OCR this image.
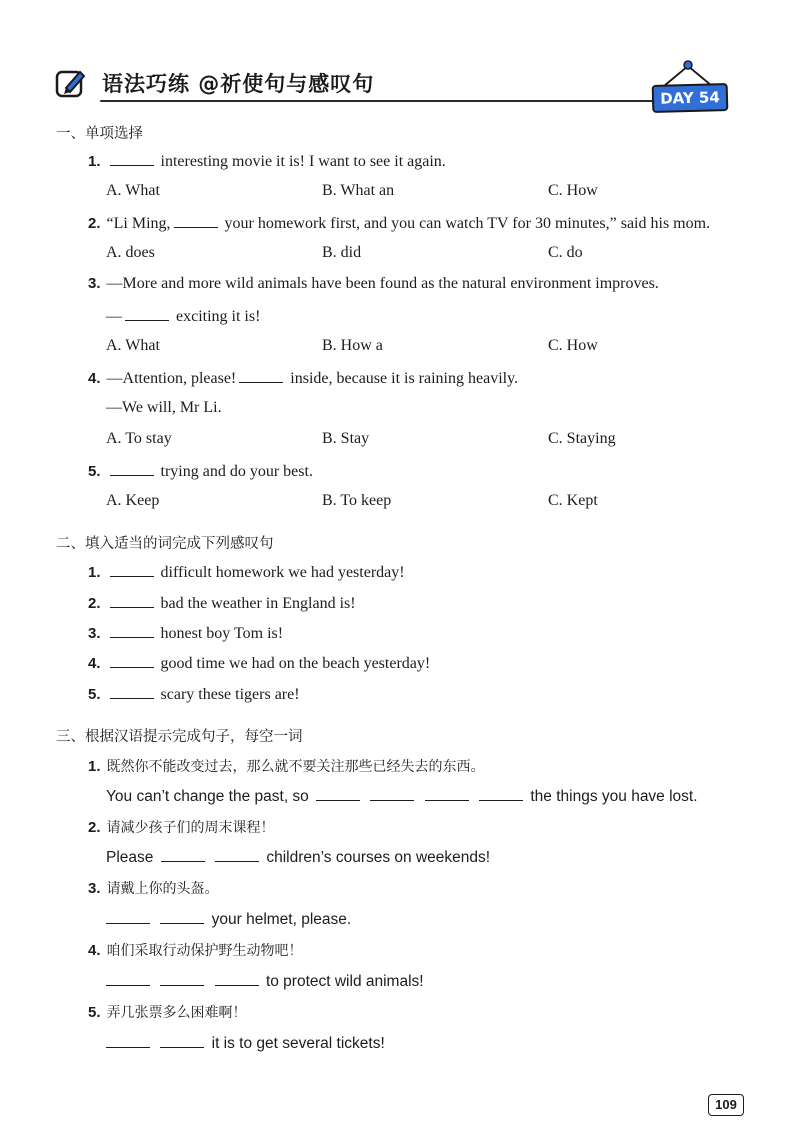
语法巧练 @祈使句与感叹句
DAY 54
一、单项选择
1.	interesting movie it is! I want to see it again.
A. What	B. What an	C. How
2. “Li Ming,	your homework first, and you can watch TV for 30 minutes,” said his mom.
A. does	B. did	C. do
3. —More and more wild animals have been found as the natural environment improves.
—	exciting it is!
A. What	B. How a	C. How
4. —Attention, please!	inside, because it is raining heavily.
—We will, Mr Li.
A. To stay	B. Stay	C. Staying
5.	trying and do your best.
A. Keep	B. To keep	C. Kept
二、填入适当的词完成下列感叹句
1.	difficult homework we had yesterday!
2.	bad the weather in England is!
3.	honest boy Tom is!
4.	good time we had on the beach yesterday!
5.	scary these tigers are!
三、根据汉语提示完成句子，每空一词
1. 既然你不能改变过去，那么就不要关注那些已经失去的东西。
You can’t change the past, so	the things you have lost.
2. 请减少孩子们的周末课程！
Please	children’s courses on weekends!
3. 请戴上你的头盔。
your helmet, please.
4. 咱们采取行动保护野生动物吧！
to protect wild animals!
5. 弄几张票多么困难啊！
it is to get several tickets!
109
